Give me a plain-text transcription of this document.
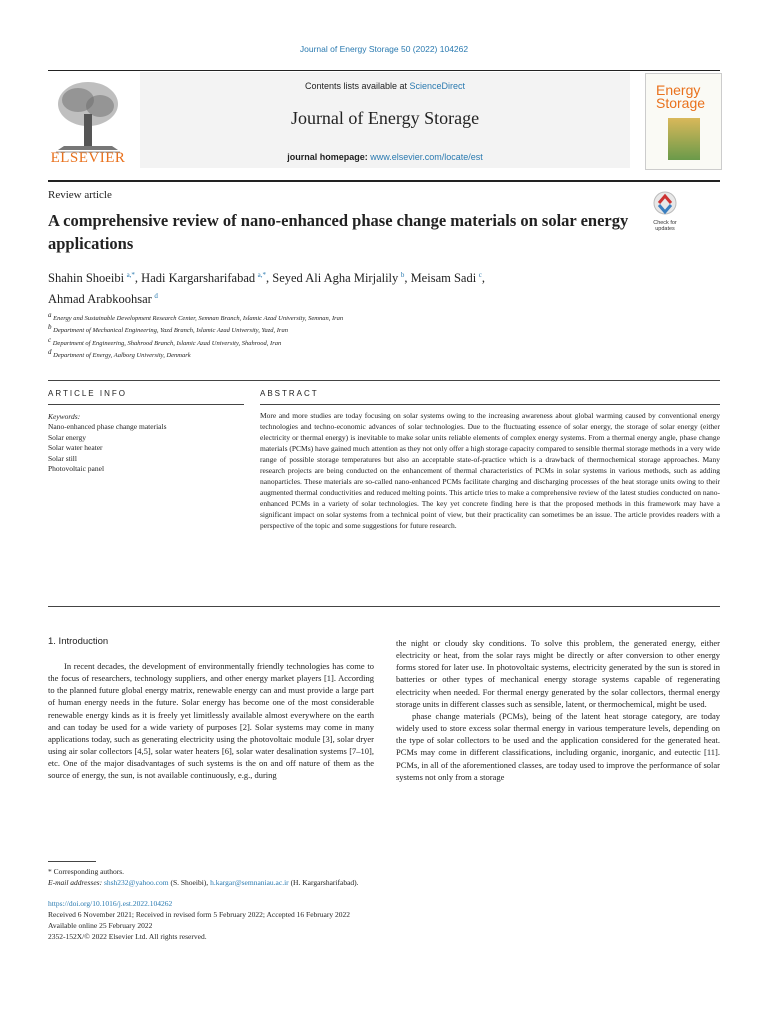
Journal of Energy Storage 50 (2022) 104262
ELSEVIER
Contents lists available at ScienceDirect
Journal of Energy Storage
journal homepage: www.elsevier.com/locate/est
Energy
Storage
Review article
A comprehensive review of nano-enhanced phase change materials on solar energy applications
Check for
updates
Shahin Shoeibi  $^{a,*}$, Hadi Kargarsharifabad  $^{a,*}$, Seyed Ali Agha Mirjalily  $^b$, Meisam Sadi  $^c$,
Ahmad Arabkoohsar  $^d$
$^a$ Energy and Sustainable Development Research Center, Semnan Branch, Islamic Azad University, Semnan, Iran
$^b$ Department of Mechanical Engineering, Yazd Branch, Islamic Azad University, Yazd, Iran
$^c$ Department of Engineering, Shahrood Branch, Islamic Azad University, Shahrood, Iran
$^d$ Department of Energy, Aalborg University, Denmark
ARTICLE INFO	ABSTRACT
Keywords:
Nano-enhanced phase change materials
Solar energy
Solar water heater
Solar still
Photovoltaic panel
More and more studies are today focusing on solar systems owing to the increasing awareness about global warming caused by conventional energy technologies and techno-economic advances of solar technologies. Due to the fluctuating essence of solar energy, the storage of solar energy (either electricity or thermal energy) is inevitable to make solar units reliable elements of complex energy systems. From a thermal energy angle, phase change materials (PCMs) have gained much attention as they not only offer a high storage capacity compared to sensible thermal storage methods in a very wide range of possible storage temperatures but also an acceptable state-of-practice which is a drawback of thermochemical storage approaches. Many research projects are being conducted on the enhancement of thermal characteristics of PCMs in solar systems in various methods, such as adding nanoparticles. These materials are so-called nano-enhanced PCMs facilitate charging and discharging processes of the heat storage units owing to their augmented thermal conductivities and reduced melting points. This article tries to make a comprehensive review of the latest studies conducted on nano-enhanced PCMs in a variety of solar technologies. The key yet concrete finding here is that the proposed methods in this framework may have a significant impact on solar systems from a technical point of view, but their practicality can sometimes be an issue. The article provides readers with a perspective of the topic and some suggestions for future research.
1. Introduction

In recent decades, the development of environmentally friendly technologies has come to the focus of researchers, technology suppliers, and other energy market players [1]. According to the planned future global energy matrix, renewable energy can and must provide a large part of human energy needs in the future. Solar energy has become one of the most considerable renewable energy kinds as it is freely yet limitlessly available almost everywhere on the earth and can today be used for a wide variety of purposes [2]. Solar systems may come in many applications today, such as generating electricity using the photovoltaic module [3], solar dryer using air solar collectors [4,5], solar water heaters [6], solar water desalination systems [7–10], etc. One of the major disadvantages of such systems is the on and off nature of them as the source of energy, the sun, is not available continuously, e.g., during

the night or cloudy sky conditions. To solve this problem, the generated energy, either electricity or heat, from the solar rays might be directly or after conversion to other energy forms stored for later use. In photovoltaic systems, electricity generated by the sun is stored in batteries or other types of mechanical energy storage systems capable of regenerating electricity when needed. For thermal energy generated by the solar collectors, thermal energy storage units in different classes such as sensible, latent, or thermochemical, might be used.

phase change materials (PCMs), being of the latent heat storage category, are today widely used to store excess solar thermal energy in various temperature levels, depending on the type of solar collectors to be used and the application considered for the generated heat. PCMs may come in different classifications, including organic, inorganic, and eutectic [11]. PCMs, in all of the aforementioned classes, are today used to improve the performance of solar systems not only from a storage

* Corresponding authors.
E-mail addresses: shsh232@yahoo.com (S. Shoeibi), h.kargar@semnaniau.ac.ir (H. Kargarsharifabad).
https://doi.org/10.1016/j.est.2022.104262
Received 6 November 2021; Received in revised form 5 February 2022; Accepted 16 February 2022
Available online 25 February 2022
2352-152X/© 2022 Elsevier Ltd. All rights reserved.
